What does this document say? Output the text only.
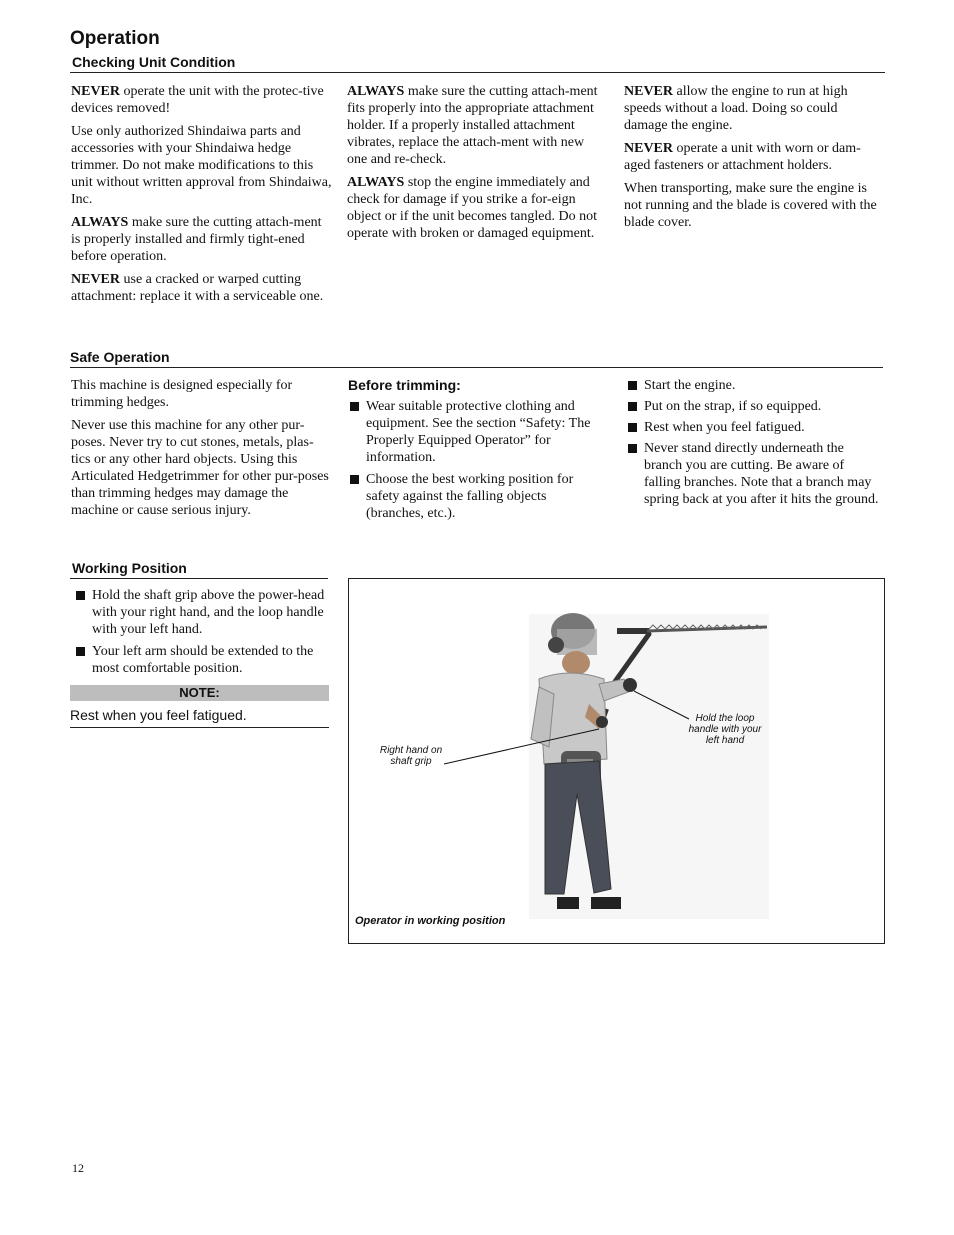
Operation
Checking Unit Condition

NEVER operate the unit with the protec-tive devices removed!

Use only authorized Shindaiwa parts and accessories with your Shindaiwa hedge trimmer. Do not make modifications to this unit without written approval from Shindaiwa, Inc.

ALWAYS make sure the cutting attach-ment is properly installed and firmly tight-ened before operation.

NEVER use a cracked or warped cutting attachment: replace it with a serviceable one.

ALWAYS make sure the cutting attach-ment fits properly into the appropriate attachment holder. If a properly installed attachment vibrates, replace the attach-ment with new one and re-check.

ALWAYS stop the engine immediately and check for damage if you strike a for-eign object or if the unit becomes tangled. Do not operate with broken or damaged equipment.

NEVER allow the engine to run at high speeds without a load. Doing so could damage the engine.

NEVER operate a unit with worn or dam-aged fasteners or attachment holders.

When transporting, make sure the engine is not running and the blade is covered with the blade cover.

Safe Operation

This machine is designed especially for trimming hedges.

Never use this machine for any other pur-poses. Never try to cut stones, metals, plas-tics or any other hard objects. Using this Articulated Hedgetrimmer for other pur-poses than trimming hedges may damage the machine or cause serious injury.

Before trimming:
Wear suitable protective clothing and equipment. See the section “Safety: The Properly Equipped Operator” for information.
Choose the best working position for safety against the falling objects (branches, etc.).
Start the engine.
Put on the strap, if so equipped.
Rest when you feel fatigued.
Never stand directly underneath the branch you are cutting. Be aware of falling branches. Note that a branch may spring back at you after it hits the ground.
Working Position
Hold the shaft grip above the power-head with your right hand, and the loop handle with your left hand.
Your left arm should be extended to the most comfortable position.
NOTE:
Rest when you feel fatigued.
Right hand on shaft grip
Hold the loop handle with your left hand
Operator in working position
12
